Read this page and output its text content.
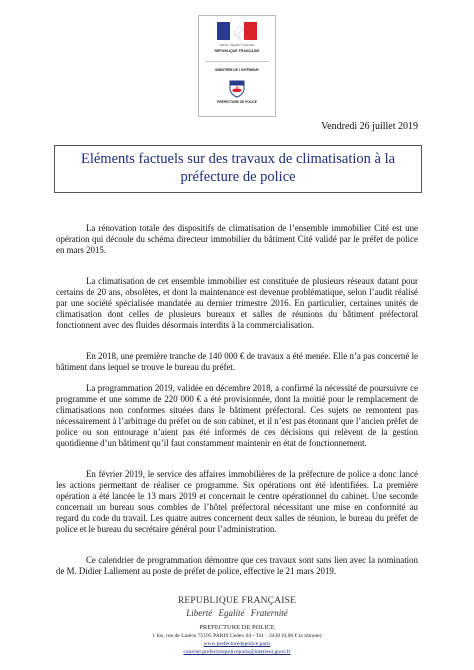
Liberté • Égalité • Fraternité
RÉPUBLIQUE FRANÇAISE
MINISTÈRE DE L'INTÉRIEUR
PRÉFECTURE DE POLICE
Vendredi 26 juillet 2019
Eléments factuels sur des travaux de climatisation à la préfecture de police
La rénovation totale des dispositifs de climatisation de l’ensemble immobilier Cité est une opération qui découle du schéma directeur immobilier du bâtiment Cité validé par le préfet de police en mars 2015.
La climatisation de cet ensemble immobilier est constituée de plusieurs réseaux datant pour certains de 20 ans, obsolètes, et dont la maintenance est devenue problématique, selon l’audit réalisé par une société spécialisée mandatée au dernier trimestre 2016. En particulier, certaines unités de climatisation dont celles de plusieurs bureaux et salles de réunions du bâtiment préfectoral fonctionnent avec des fluides désormais interdits à la commercialisation.
En 2018, une première tranche de 140 000 € de travaux a été menée. Elle n’a pas concerné le bâtiment dans lequel se trouve le bureau du préfet.
La programmation 2019, validée en décembre 2018, a confirmé la nécessité de poursuivre ce programme et une somme de 220 000 € a été provisionnée, dont la moitié pour le remplacement de climatisations non conformes situées dans le bâtiment préfectoral. Ces sujets ne remontent pas nécessairement à l’arbitrage du préfet ou de son cabinet, et il n’est pas étonnant que l’ancien préfet de police ou son entourage n’aient pas été informés de ces décisions qui relèvent de la gestion quotidienne d’un bâtiment qu’il faut constamment maintenir en état de fonctionnement.
En février 2019, le service des affaires immobilières de la préfecture de police a donc lancé les actions permettant de réaliser ce programme. Six opérations ont été identifiées. La première opération a été lancée le 13 mars 2019 et concernait le centre opérationnel du cabinet. Une seconde concernait un bureau sous combles de l’hôtel préfectoral nécessitant une mise en conformité au regard du code du travail. Les quatre autres concernent deux salles de réunion, le bureau du préfet de police et le bureau du secrétaire général pour l’administration.
Ce calendrier de programmation démontre que ces travaux sont sans lien avec la nomination de M. Didier Lallement au poste de préfet de police, effective le 21 mars 2019.
REPUBLIQUE FRANÇAISE
Liberté Egalité Fraternité
PREFECTURE DE POLICE
1 bis, rue de Lutèce 75195 PARIS Cedex 04 - Tél. : 3430 (0,06 € la minute)
www.prefecturedepolice.paris
courriel.prefecturepoliceparis@interieur.gouv.fr
